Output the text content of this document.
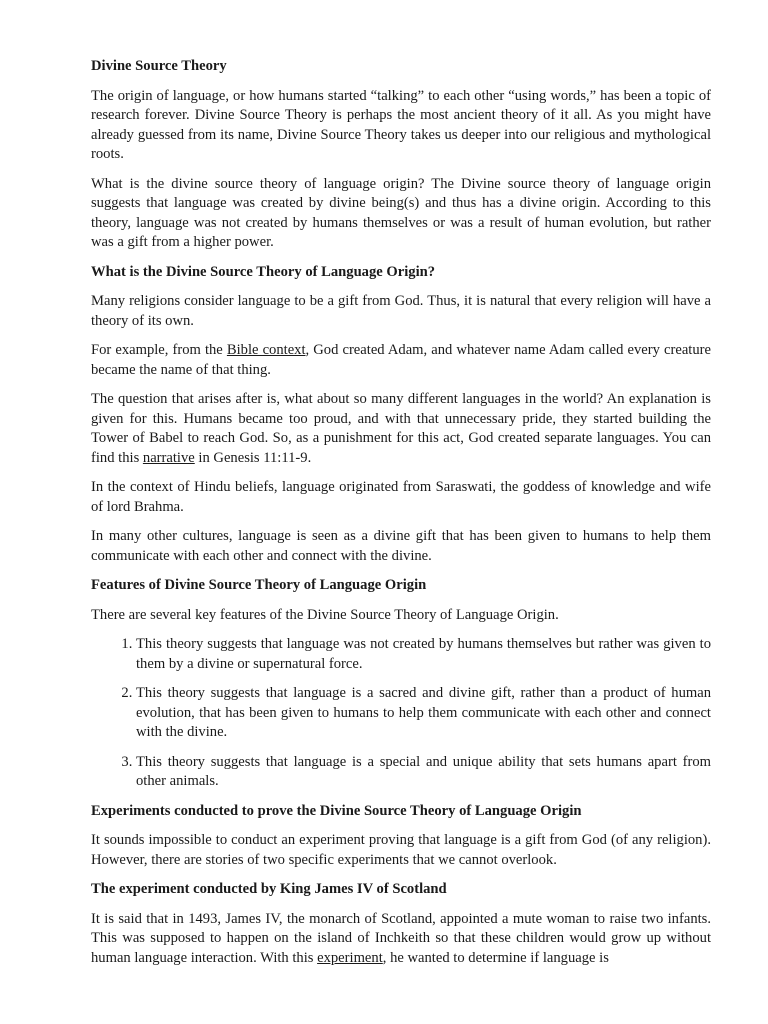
Divine Source Theory

The origin of language, or how humans started “talking” to each other “using words,” has been a topic of research forever. Divine Source Theory is perhaps the most ancient theory of it all. As you might have already guessed from its name, Divine Source Theory takes us deeper into our religious and mythological roots.

What is the divine source theory of language origin? The Divine source theory of language origin suggests that language was created by divine being(s) and thus has a divine origin. According to this theory, language was not created by humans themselves or was a result of human evolution, but rather was a gift from a higher power.

What is the Divine Source Theory of Language Origin?

Many religions consider language to be a gift from God. Thus, it is natural that every religion will have a theory of its own.

For example, from the Bible context, God created Adam, and whatever name Adam called every creature became the name of that thing.

The question that arises after is, what about so many different languages in the world? An explanation is given for this. Humans became too proud, and with that unnecessary pride, they started building the Tower of Babel to reach God. So, as a punishment for this act, God created separate languages. You can find this narrative in Genesis 11:11-9.

In the context of Hindu beliefs, language originated from Saraswati, the goddess of knowledge and wife of lord Brahma.

In many other cultures, language is seen as a divine gift that has been given to humans to help them communicate with each other and connect with the divine.

Features of Divine Source Theory of Language Origin

There are several key features of the Divine Source Theory of Language Origin.

1. This theory suggests that language was not created by humans themselves but rather was given to them by a divine or supernatural force.
2. This theory suggests that language is a sacred and divine gift, rather than a product of human evolution, that has been given to humans to help them communicate with each other and connect with the divine.
3. This theory suggests that language is a special and unique ability that sets humans apart from other animals.
Experiments conducted to prove the Divine Source Theory of Language Origin

It sounds impossible to conduct an experiment proving that language is a gift from God (of any religion). However, there are stories of two specific experiments that we cannot overlook.

The experiment conducted by King James IV of Scotland

It is said that in 1493, James IV, the monarch of Scotland, appointed a mute woman to raise two infants. This was supposed to happen on the island of Inchkeith so that these children would grow up without human language interaction. With this experiment, he wanted to determine if language is
